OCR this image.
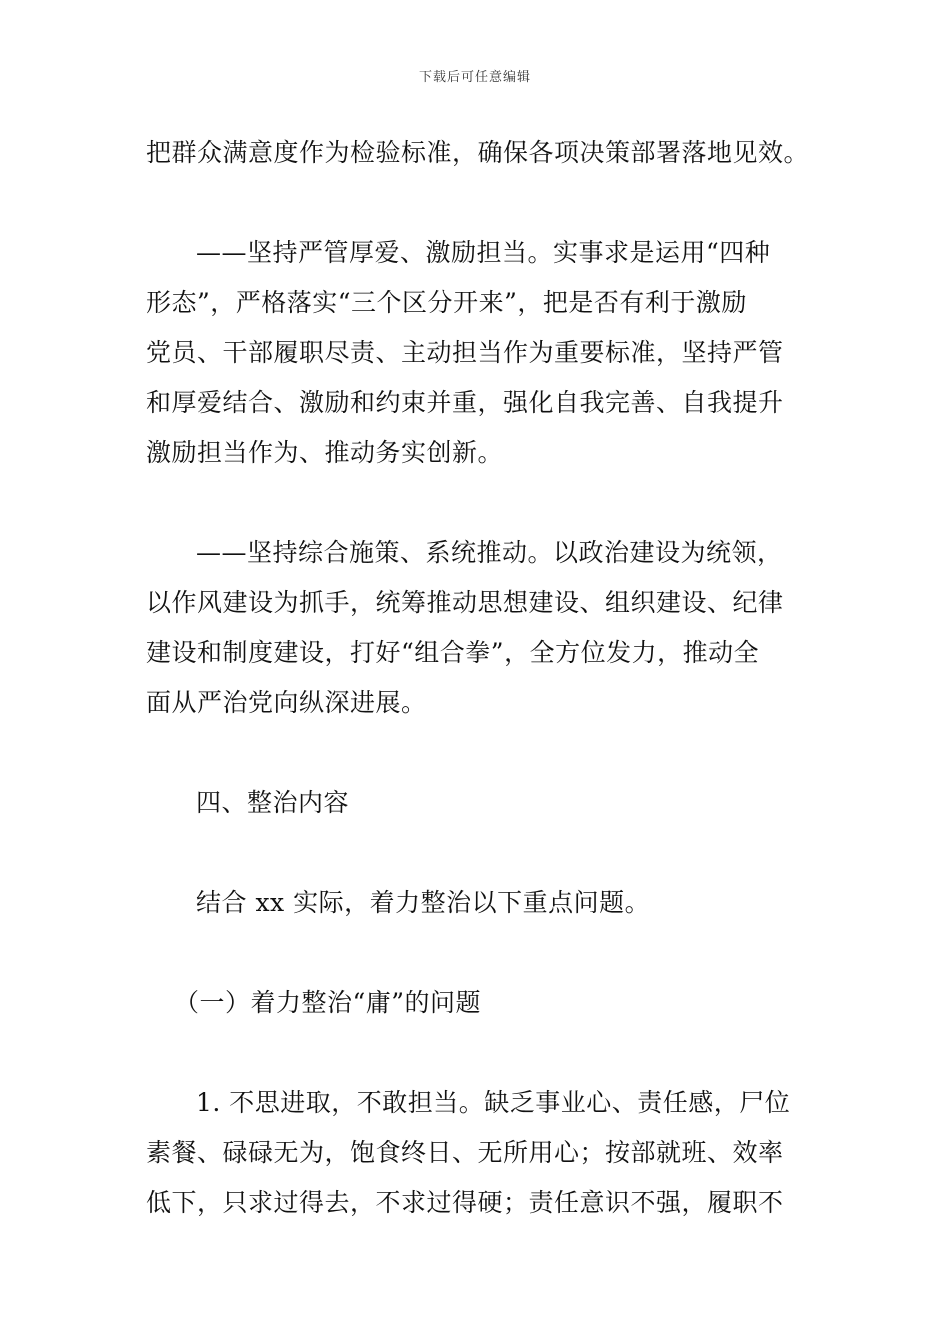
下载后可任意编辑
把群众满意度作为检验标准，确保各项决策部署落地见效。
——坚持严管厚爱、激励担当。实事求是运用“四种
形态”，严格落实“三个区分开来”，把是否有利于激励
党员、干部履职尽责、主动担当作为重要标准，坚持严管
和厚爱结合、激励和约束并重，强化自我完善、自我提升
激励担当作为、推动务实创新。
——坚持综合施策、系统推动。以政治建设为统领，
以作风建设为抓手，统筹推动思想建设、组织建设、纪律
建设和制度建设，打好“组合拳”，全方位发力，推动全
面从严治党向纵深进展。
四、整治内容
结合 xx 实际，着力整治以下重点问题。
（一）着力整治“庸”的问题
1. 不思进取，不敢担当。缺乏事业心、责任感，尸位
素餐、碌碌无为，饱食终日、无所用心；按部就班、效率
低下，只求过得去，不求过得硬；责任意识不强，履职不
